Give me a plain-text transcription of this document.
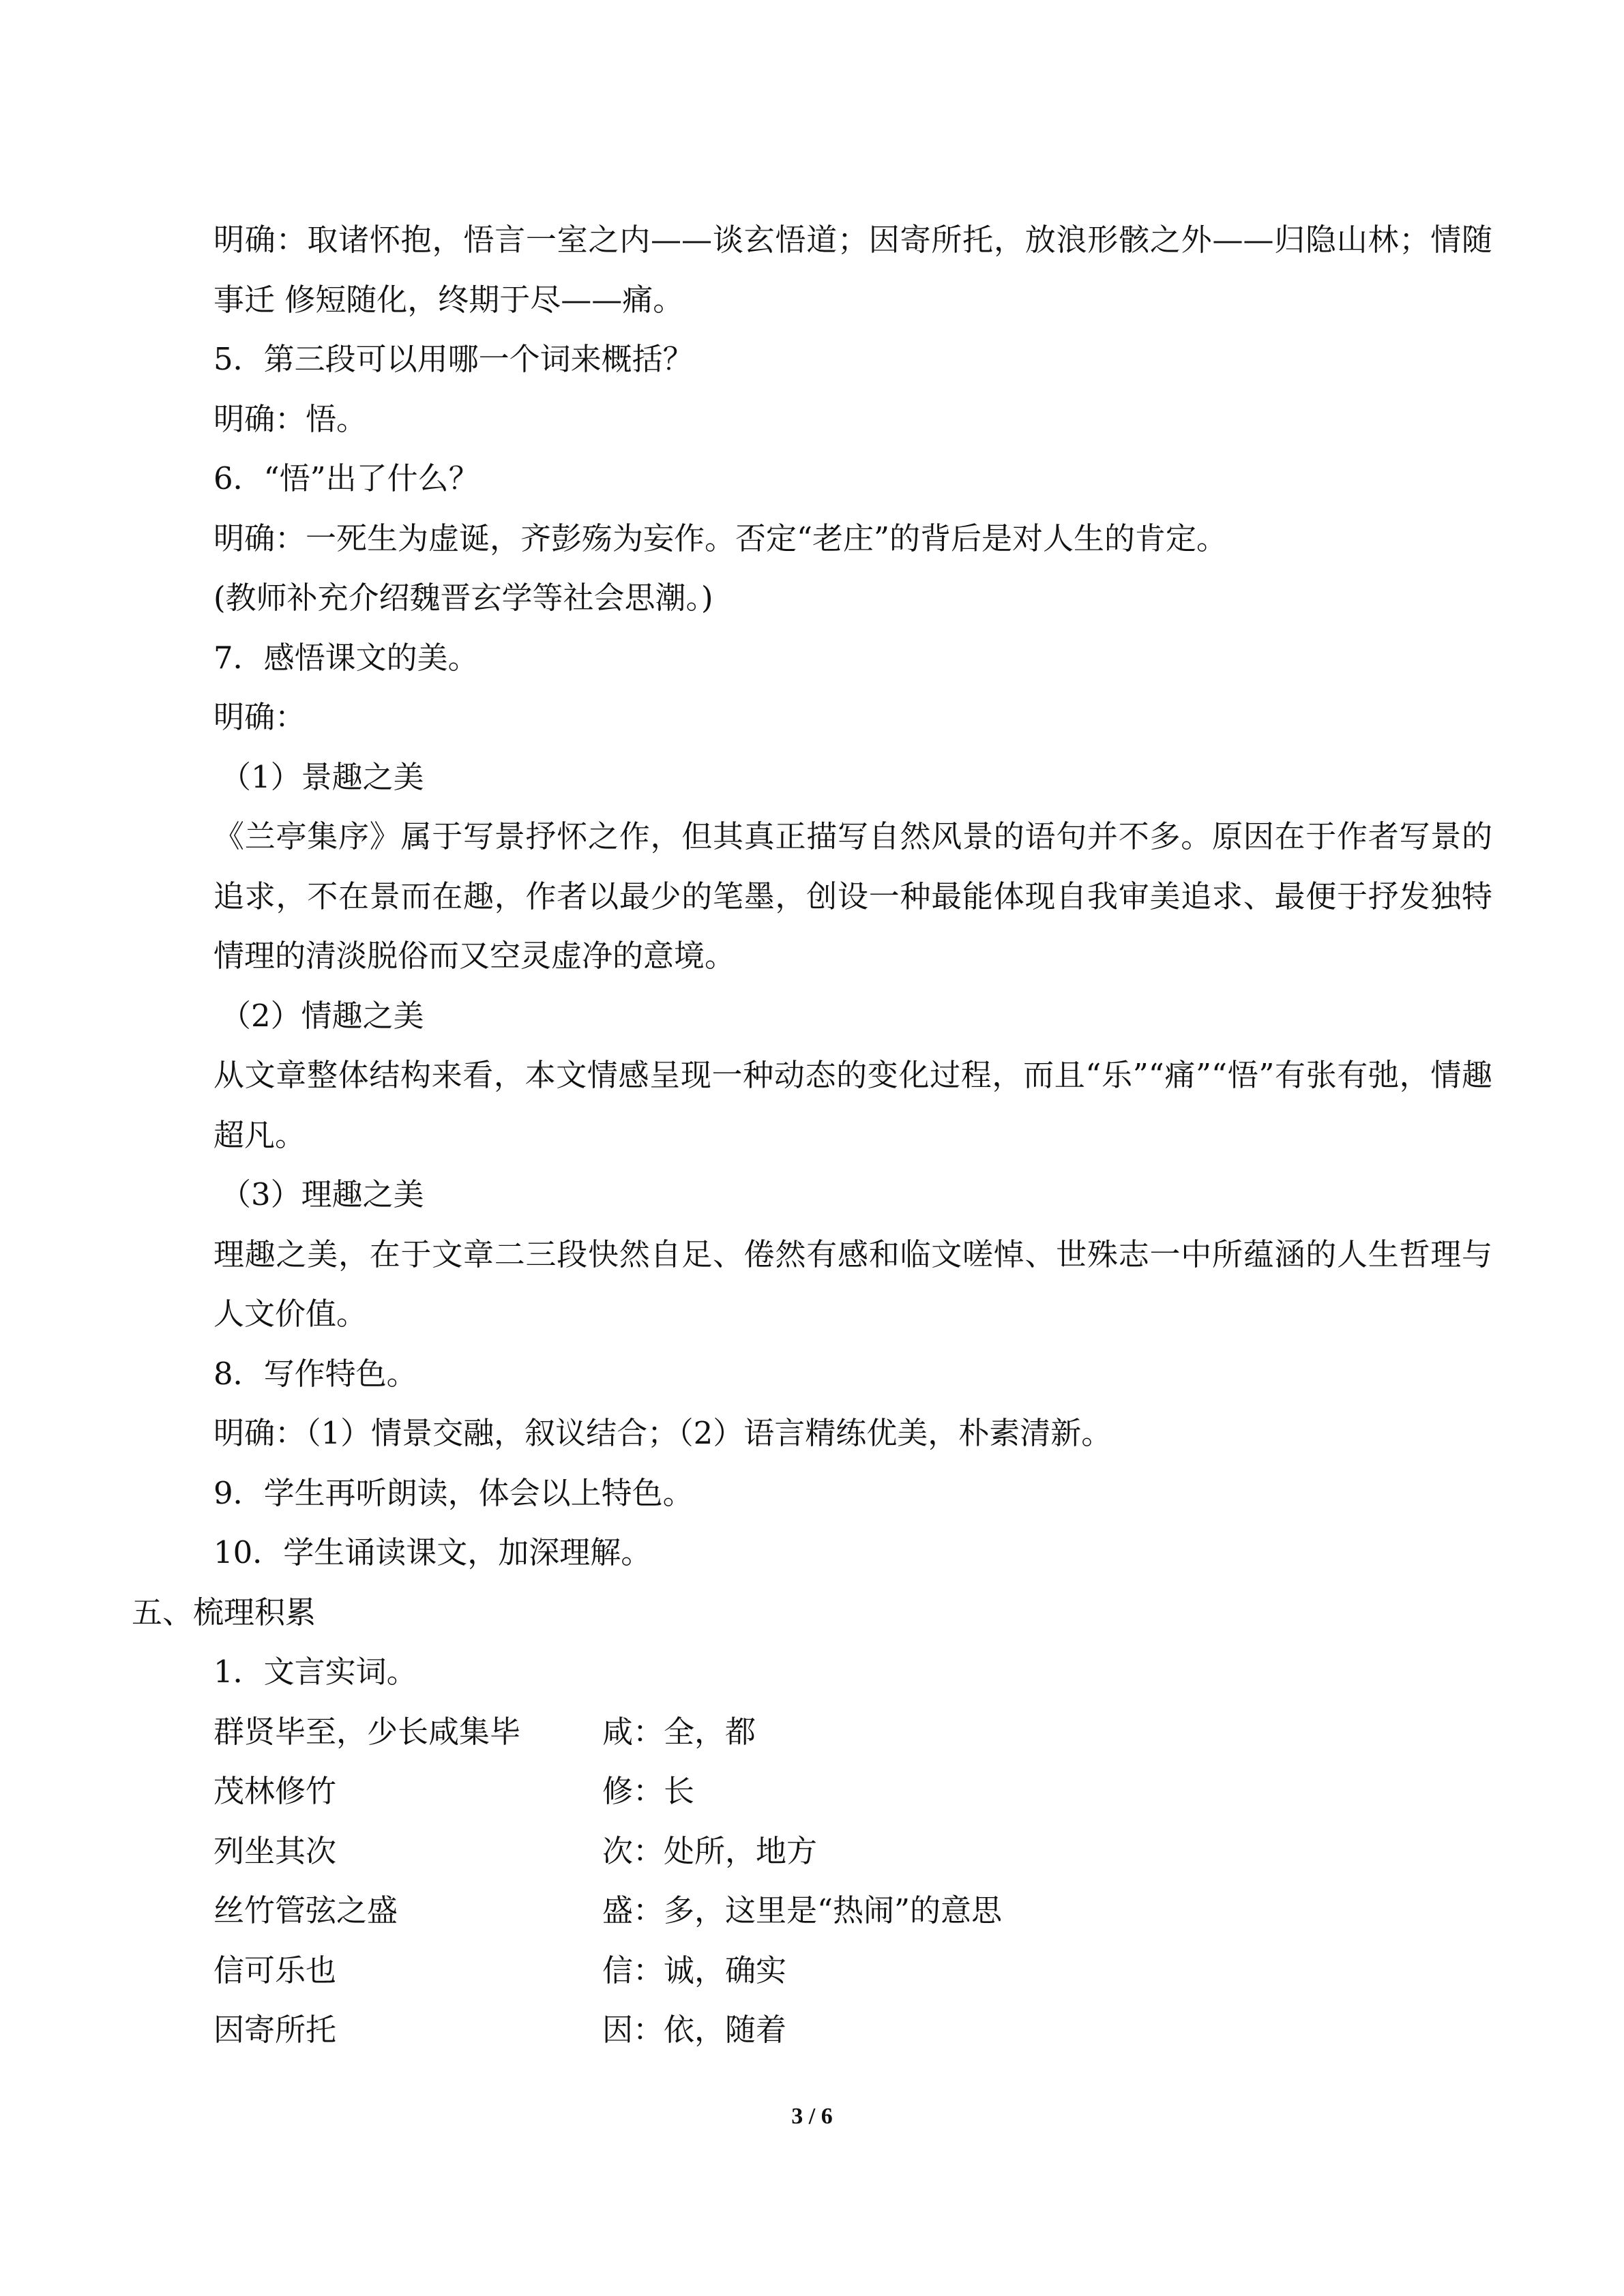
明确：取诸怀抱，悟言一室之内——谈玄悟道；因寄所托，放浪形骸之外——归隐山林；情随事迁 修短随化，终期于尽——痛。

5．第三段可以用哪一个词来概括？

明确：悟。

6．“悟”出了什么？

明确：一死生为虚诞，齐彭殇为妄作。否定“老庄”的背后是对人生的肯定。

(教师补充介绍魏晋玄学等社会思潮。)

7．感悟课文的美。

明确：

（1）景趣之美

《兰亭集序》属于写景抒怀之作，但其真正描写自然风景的语句并不多。原因在于作者写景的追求，不在景而在趣，作者以最少的笔墨，创设一种最能体现自我审美追求、最便于抒发独特情理的清淡脱俗而又空灵虚净的意境。

（2）情趣之美

从文章整体结构来看，本文情感呈现一种动态的变化过程，而且“乐”“痛”“悟”有张有弛，情趣超凡。

（3）理趣之美

理趣之美，在于文章二三段快然自足、倦然有感和临文嗟悼、世殊志一中所蕴涵的人生哲理与人文价值。

8．写作特色。

明确：（1）情景交融，叙议结合；（2）语言精练优美，朴素清新。

9．学生再听朗读，体会以上特色。

10．学生诵读课文，加深理解。

五、梳理积累

1．文言实词。

群贤毕至，少长咸集毕	咸：全，都
茂林修竹	修：长
列坐其次	次：处所，地方
丝竹管弦之盛	盛：多，这里是“热闹”的意思
信可乐也	信：诚，确实
因寄所托	因：依，随着
3 / 6
